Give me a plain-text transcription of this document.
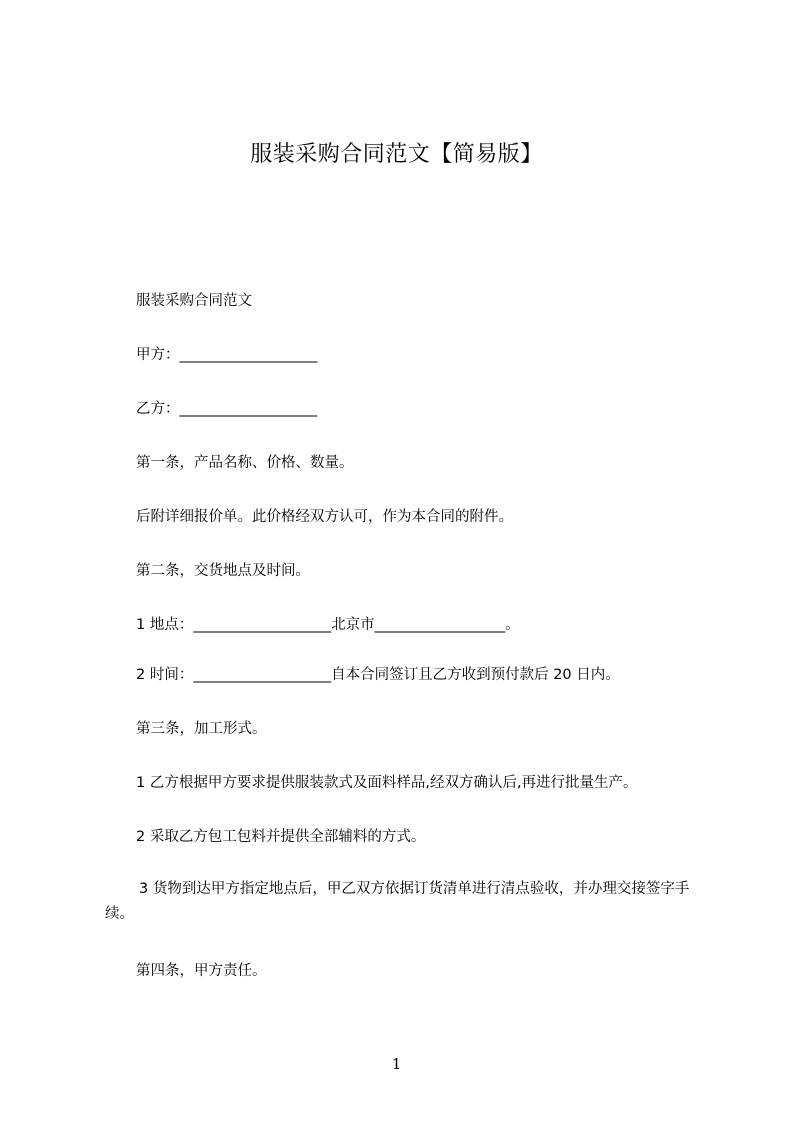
服装采购合同范文【简易版】
服装采购合同范文
甲方：___________________
乙方：___________________
第一条，产品名称、价格、数量。
后附详细报价单。此价格经双方认可，作为本合同的附件。
第二条，交货地点及时间。
1 地点：___________________北京市__________________。
2 时间：___________________自本合同签订且乙方收到预付款后 20 日内。
第三条，加工形式。
1 乙方根据甲方要求提供服装款式及面料样品,经双方确认后,再进行批量生产。
2 采取乙方包工包料并提供全部辅料的方式。
3 货物到达甲方指定地点后，甲乙双方依据订货清单进行清点验收，并办理交接签字手续。
第四条，甲方责任。
1
